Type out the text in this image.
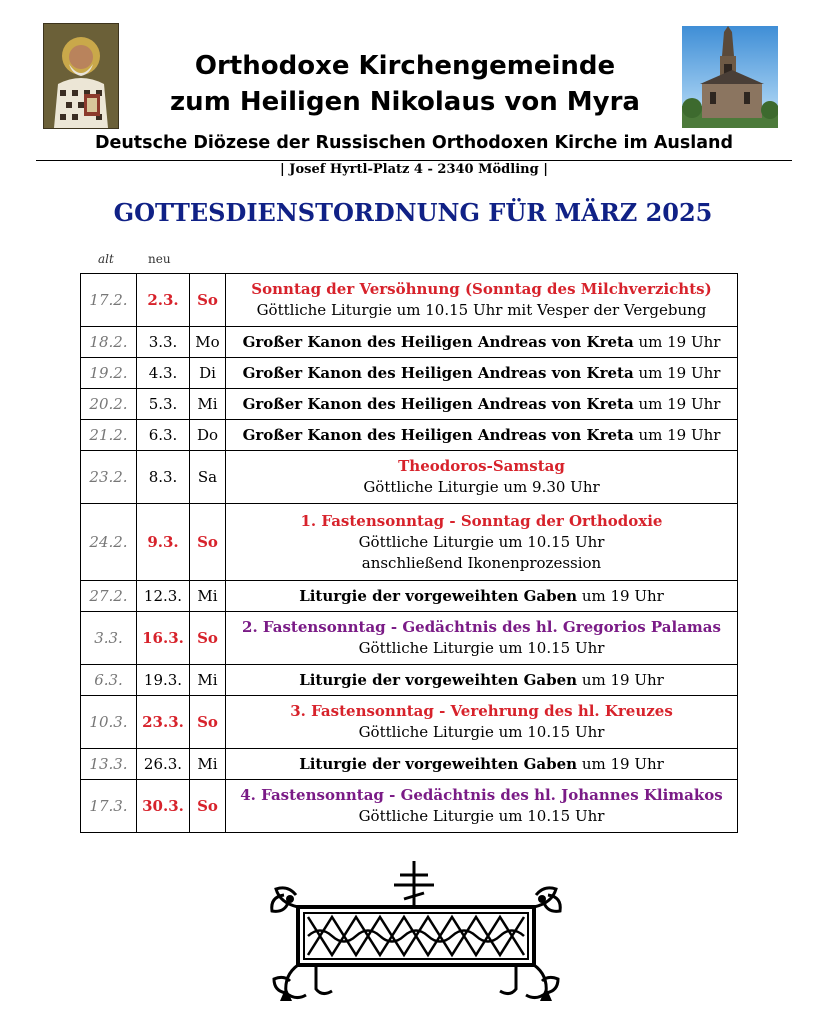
Orthodoxe Kirchengemeinde
zum Heiligen Nikolaus von Myra

Deutsche Diözese der Russischen Orthodoxen Kirche im Ausland

| Josef Hyrtl-Platz 4 - 2340 Mödling |

GOTTESDIENSTORDNUNG FÜR MÄRZ 2025
alt	neu
17.2.	2.3.	So	Sonntag der Versöhnung (Sonntag des Milchverzichts)
Göttliche Liturgie um 10.15 Uhr mit Vesper der Vergebung

18.2.	3.3.	Mo	Großer Kanon des Heiligen Andreas von Kreta um 19 Uhr
19.2.	4.3.	Di	Großer Kanon des Heiligen Andreas von Kreta um 19 Uhr
20.2.	5.3.	Mi	Großer Kanon des Heiligen Andreas von Kreta um 19 Uhr
21.2.	6.3.	Do	Großer Kanon des Heiligen Andreas von Kreta um 19 Uhr
23.2.	8.3.	Sa	Theodoros-Samstag
Göttliche Liturgie um 9.30 Uhr

24.2.	9.3.	So	1. Fastensonntag - Sonntag der Orthodoxie
Göttliche Liturgie um 10.15 Uhr
anschließend Ikonenprozession

27.2.	12.3.	Mi	Liturgie der vorgeweihten Gaben um 19 Uhr
3.3.	16.3.	So	2. Fastensonntag - Gedächtnis des hl. Gregorios Palamas
Göttliche Liturgie um 10.15 Uhr

6.3.	19.3.	Mi	Liturgie der vorgeweihten Gaben um 19 Uhr
10.3.	23.3.	So	3. Fastensonntag - Verehrung des hl. Kreuzes
Göttliche Liturgie um 10.15 Uhr

13.3.	26.3.	Mi	Liturgie der vorgeweihten Gaben um 19 Uhr
17.3.	30.3.	So	4. Fastensonntag - Gedächtnis des hl. Johannes Klimakos
Göttliche Liturgie um 10.15 Uhr
